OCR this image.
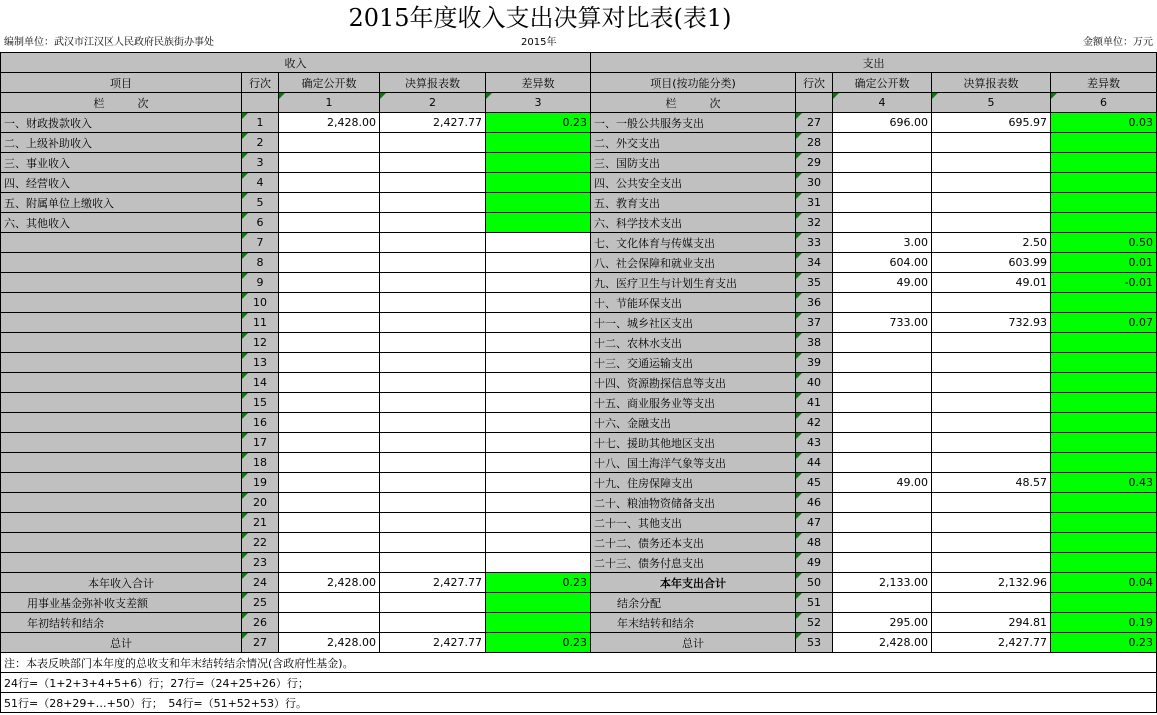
2015年度收入支出决算对比表(表1)
编制单位：武汉市江汉区人民政府民族街办事处	2015年	金额单位：万元
收入					支出				
项目	行次	确定公开数	决算报表数	差异数	项目(按功能分类)	行次	确定公开数	决算报表数	差异数
栏　　　次		1	2	3	栏　　　次		4	5	6
一、财政拨款收入	1	2,428.00	2,427.77	0.23	一、一般公共服务支出	27	696.00	695.97	0.03
二、上级补助收入	2				二、外交支出	28			
三、事业收入	3				三、国防支出	29			
四、经营收入	4				四、公共安全支出	30			
五、附属单位上缴收入	5				五、教育支出	31			
六、其他收入	6				六、科学技术支出	32			
	7				七、文化体育与传媒支出	33	3.00	2.50	0.50
	8				八、社会保障和就业支出	34	604.00	603.99	0.01
	9				九、医疗卫生与计划生育支出	35	49.00	49.01	-0.01
	10				十、节能环保支出	36			
	11				十一、城乡社区支出	37	733.00	732.93	0.07
	12				十二、农林水支出	38			
	13				十三、交通运输支出	39			
	14				十四、资源勘探信息等支出	40			
	15				十五、商业服务业等支出	41			
	16				十六、金融支出	42			
	17				十七、援助其他地区支出	43			
	18				十八、国土海洋气象等支出	44			
	19				十九、住房保障支出	45	49.00	48.57	0.43
	20				二十、粮油物资储备支出	46			
	21				二十一、其他支出	47			
	22				二十二、债务还本支出	48			
	23				二十三、债务付息支出	49			
本年收入合计	24	2,428.00	2,427.77	0.23	本年支出合计	50	2,133.00	2,132.96	0.04
用事业基金弥补收支差额	25				结余分配	51			
年初结转和结余	26				年末结转和结余	52	295.00	294.81	0.19
总计	27	2,428.00	2,427.77	0.23	总计	53	2,428.00	2,427.77	0.23
注：本表反映部门本年度的总收支和年末结转结余情况(含政府性基金)。									
24行=（1+2+3+4+5+6）行；27行=（24+25+26）行；									
51行=（28+29+…+50）行；　54行=（51+52+53）行。									
